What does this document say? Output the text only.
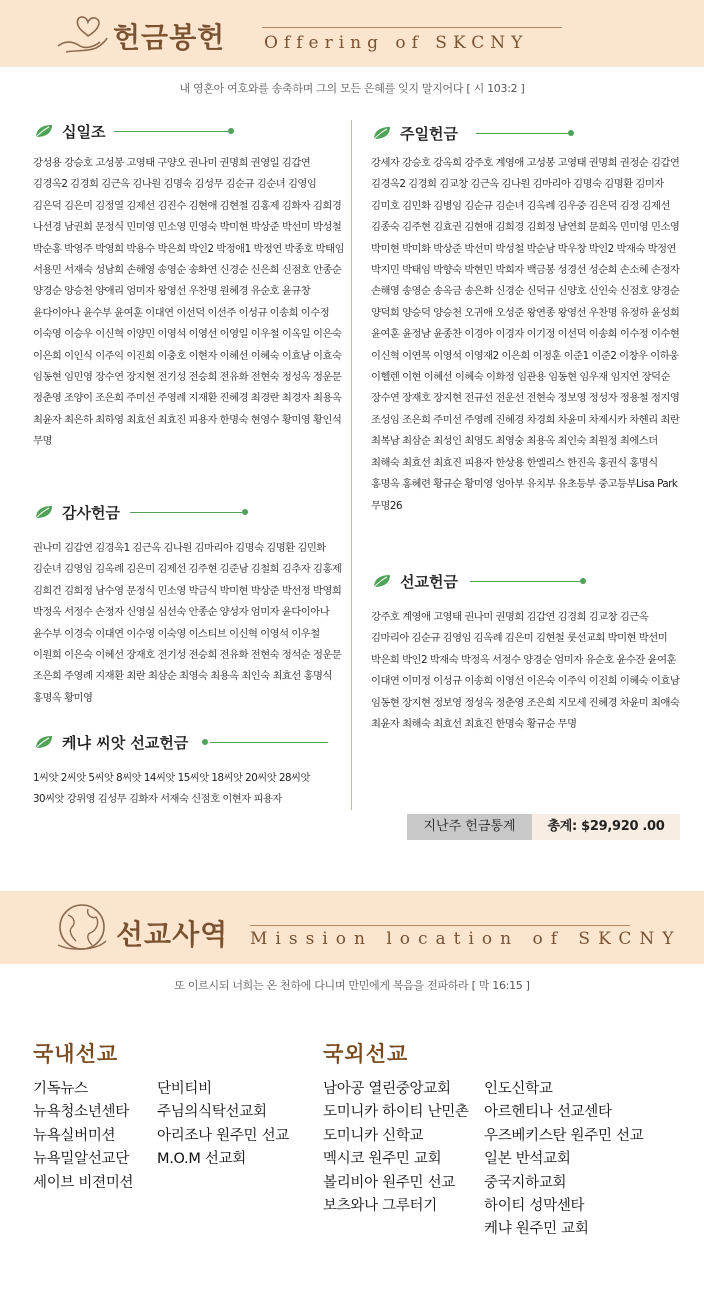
헌금봉헌 Offering of SKCNY
내 영혼아 여호와를 송축하며 그의 모든 은혜를 잊지 말지어다 [ 시 103:2 ]
십일조
강성용 강승호 고성봉 고영태 구양오 권나미 권명희 권영일 김갑연 김경옥2 김경희 김근옥 김나원 김명숙 김성무 김순규 김순녀 김영임 김은덕 김은미 김정열 김제선 김진수 김현애 김현철 김홍제 김화자 김희경 나선경 남권희 문정식 민미영 민소영 민영숙 박미현 박상준 박선미 박성철 박순홍 박영주 박영희 박용수 박은희 박인2 박정애1 박정연 박종호 박태임 서용민 서재숙 성남희 손해영 송영순 송화연 신경순 신은희 신점호 안종순 양경순 양승천 양애리 엄미자 왕영선 우찬명 원혜경 유순호 윤규창 윤다이아나 윤수부 윤여훈 이대연 이선덕 이선주 이성규 이송희 이수정 이숙영 이승우 이신혁 이양민 이영석 이영선 이영일 이우철 이옥일 이은숙 이은희 이인식 이주익 이진희 이충호 이현자 이혜선 이혜숙 이효남 이효숙 임동현 임민영 장수연 장지현 전기성 전승희 전유화 전현숙 정성옥 정운문 정춘영 조양이 조은희 주미선 주영례 지재환 진혜경 최경란 최경자 최용옥 최윤자 최은하 최하영 최효선 최효진 피용자 한명숙 현영수 황미영 황인석 무명
감사헌금
권나미 김갑연 김경옥1 김근옥 김나원 김마리아 김명숙 김명환 김민화 김순녀 김영임 김옥례 김은미 김제선 김주현 김준남 김철희 김추자 김홍제 김희건 김희정 남수영 문정식 민소영 박금식 박미현 박상준 박선정 박영희 박정옥 서정수 손정자 신영실 심선숙 안종순 양성자 엄미자 윤다이아나 윤수부 이경숙 이대연 이수영 이숙영 이스티브 이신혁 이영석 이우철 이원희 이은숙 이혜선 장재호 전기성 전승희 전유화 전현숙 정석순 정운문 조은희 주영례 지재환 최란 최삼순 최영숙 최용옥 최인숙 최효선 홍명식 홍명옥 황미영
케냐 씨앗 선교헌금
1씨앗 2씨앗 5씨앗 8씨앗 14씨앗 15씨앗 18씨앗 20씨앗 28씨앗
30씨앗 강위영 김성무 김화자 서재숙 신점호 이현자 피용자
주일헌금
강세자 강승호 강옥희 강주호 계영애 고성봉 고영태 권명희 권정순 김갑연 김경옥2 김경희 김교창 김근옥 김나원 김마리아 김명숙 김명환 김미자 김미호 김민화 김병임 김순규 김순녀 김옥례 김우중 김은덕 김정 김제선 김종숙 김주현 김효권 김현애 김희경 김희정 남연희 문희옥 민미영 민소영 박미현 박미화 박상준 박선미 박성철 박순남 박우창 박인2 박재숙 박정연 박지민 박태임 박향숙 박현민 박희자 백금봉 성경선 성순희 손소혜 손정자 손해영 송영순 송옥금 송은화 신경순 신덕규 신양호 신인숙 신점호 양경순 양덕희 양승덕 양승천 오귀애 오성준 왕연종 왕영선 우찬명 유정하 윤성희 윤여훈 윤정남 윤종찬 이경아 이경자 이기정 이선덕 이송희 이수정 이수현 이신혁 이연목 이영석 이영재2 이은희 이정훈 이준1 이준2 이창우 이하웅 이헬렌 이현 이혜선 이혜숙 이화정 임관용 임동현 임우재 임지연 장덕순 장수연 장재호 장지현 전규선 전운선 전현숙 정보영 정성자 정용철 정지영 조성임 조은희 주미선 주영례 진혜경 차경희 차윤미 차제시카 차헨리 최란 최복남 최삼순 최성인 최영도 최영숭 최용옥 최인숙 최원정 최에스더 최해숙 최효선 최효진 피용자 한상용 한엘리스 한진옥 홍권식 홍명식 홍명옥 홍혜련 황규순 황미영 엉아부 유치부 유초등부 중고등부Lisa Park 무명26
선교헌금
강주호 계영애 고영태 권나미 권명희 김갑연 김경희 김교창 김근옥 김마리아 김순규 김영임 김옥례 김은미 김현철 룻선교회 박미현 박선미 박은희 박인2 박재숙 박정옥 서정수 양경순 엄미자 유순호 윤수잔 윤여훈 이대연 이미정 이성규 이송희 이영선 이은숙 이주익 이진희 이혜숙 이효남 임동현 장지현 정보영 정성옥 정춘영 조은희 지모세 진혜경 차윤미 최애숙 최윤자 최해숙 최효선 최효진 한명숙 황규순 무명
지난주 헌금통계	총계: $29,920 .00
선교사역 Mission location of SKCNY
또 이르시되 너희는 온 천하에 다니며 만민에게 복음을 전파하라 [ 막 16:15 ]
국내선교
기독뉴스
뉴욕청소년센타
뉴욕실버미션
뉴욕밀알선교단
세이브 비젼미션
단비티비
주님의식탁선교회
아리조나 원주민 선교
M.O.M 선교회
국외선교
남아공 열린중앙교회
도미니카 하이티 난민촌
도미니카 신학교
멕시코 원주민 교회
볼리비아 원주민 선교
보츠와나 그루터기
인도신학교
아르헨티나 선교센타
우즈베키스탄 원주민 선교
일본 반석교회
중국지하교회
하이티 성막센타
케냐 원주민 교회
